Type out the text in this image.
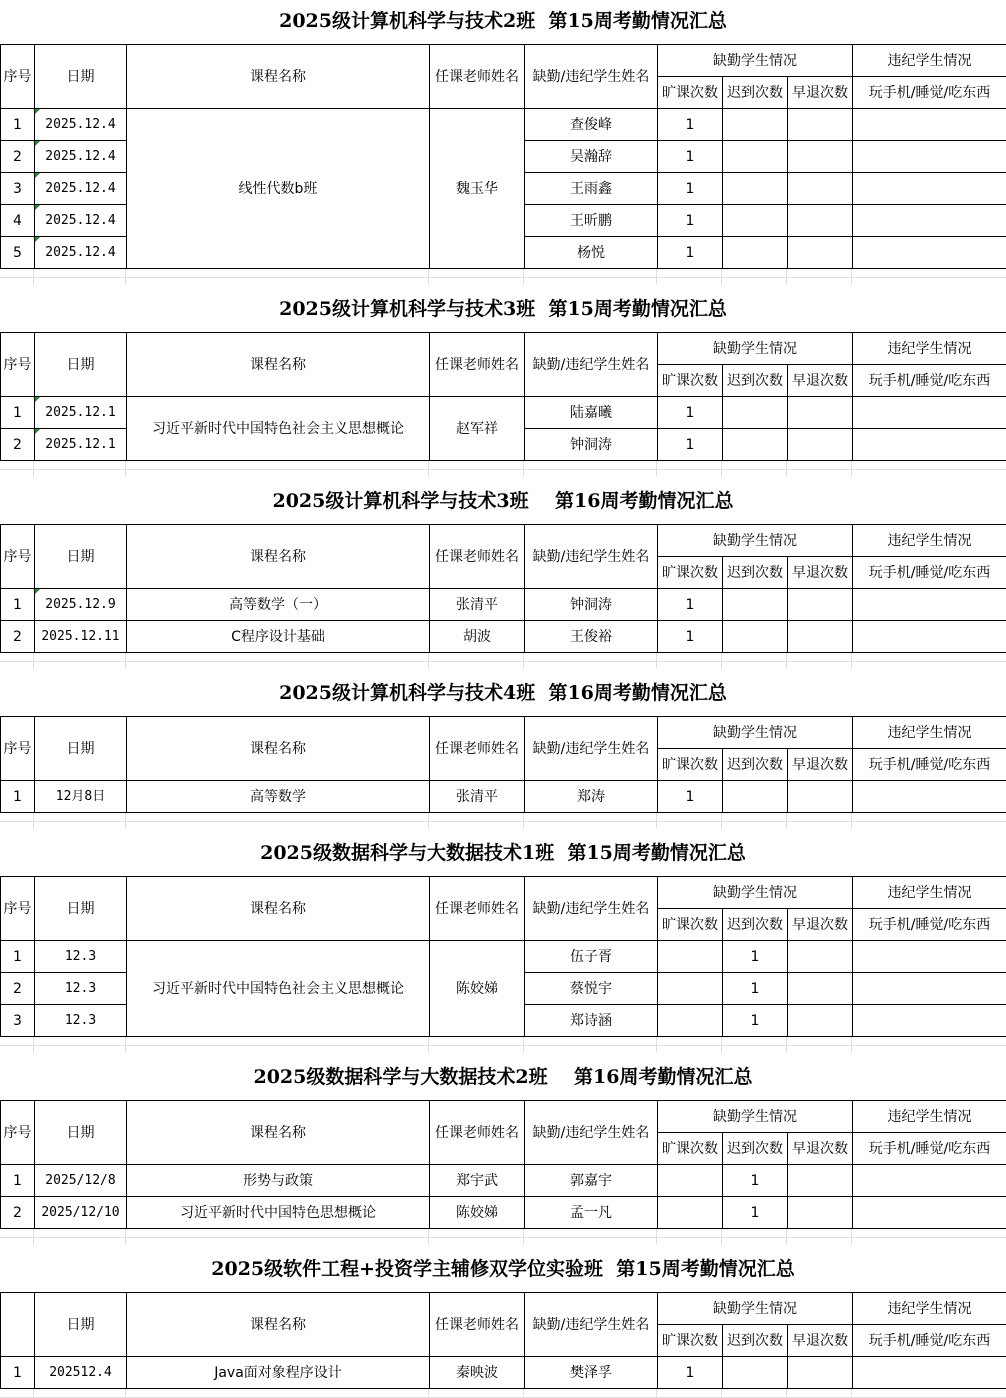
2025级计算机科学与技术2班  第15周考勤情况汇总
序号	日期	课程名称	任课老师姓名	缺勤/违纪学生姓名	缺勤学生情况			违纪学生情况
					旷课次数	迟到次数	早退次数	玩手机/睡觉/吃东西
1	2025.12.4	线性代数b班	魏玉华	查俊峰	1			
2	2025.12.4			吴瀚辞	1			
3	2025.12.4			王雨鑫	1			
4	2025.12.4			王昕鹏	1			
5	2025.12.4			杨悦	1			
2025级计算机科学与技术3班  第15周考勤情况汇总
序号	日期	课程名称	任课老师姓名	缺勤/违纪学生姓名	缺勤学生情况			违纪学生情况
					旷课次数	迟到次数	早退次数	玩手机/睡觉/吃东西
1	2025.12.1	习近平新时代中国特色社会主义思想概论	赵军祥	陆嘉曦	1			
2	2025.12.1			钟洞涛	1			
2025级计算机科学与技术3班    第16周考勤情况汇总
序号	日期	课程名称	任课老师姓名	缺勤/违纪学生姓名	缺勤学生情况			违纪学生情况
					旷课次数	迟到次数	早退次数	玩手机/睡觉/吃东西
1	2025.12.9	高等数学（一）	张清平	钟洞涛	1			
2	2025.12.11	C程序设计基础	胡波	王俊裕	1			
2025级计算机科学与技术4班  第16周考勤情况汇总
序号	日期	课程名称	任课老师姓名	缺勤/违纪学生姓名	缺勤学生情况			违纪学生情况
					旷课次数	迟到次数	早退次数	玩手机/睡觉/吃东西
1	12月8日	高等数学	张清平	郑涛	1			
2025级数据科学与大数据技术1班  第15周考勤情况汇总
序号	日期	课程名称	任课老师姓名	缺勤/违纪学生姓名	缺勤学生情况			违纪学生情况
					旷课次数	迟到次数	早退次数	玩手机/睡觉/吃东西
1	12.3	习近平新时代中国特色社会主义思想概论	陈姣娣	伍子胥		1		
2	12.3			蔡悦宇		1		
3	12.3			郑诗涵		1		
2025级数据科学与大数据技术2班    第16周考勤情况汇总
序号	日期	课程名称	任课老师姓名	缺勤/违纪学生姓名	缺勤学生情况			违纪学生情况
					旷课次数	迟到次数	早退次数	玩手机/睡觉/吃东西
1	2025/12/8	形势与政策	郑宇武	郭嘉宇		1		
2	2025/12/10	习近平新时代中国特色思想概论	陈姣娣	孟一凡		1		
2025级软件工程+投资学主辅修双学位实验班  第15周考勤情况汇总
	日期	课程名称	任课老师姓名	缺勤/违纪学生姓名	缺勤学生情况			违纪学生情况
					旷课次数	迟到次数	早退次数	玩手机/睡觉/吃东西
1	202512.4	Java面对象程序设计	秦映波	樊泽孚	1			
